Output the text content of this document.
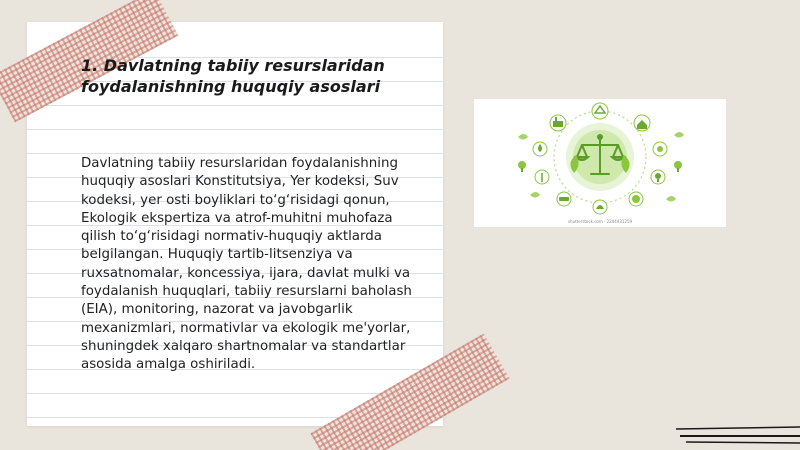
1. Davlatning tabiiy resurslaridan foydalanishning huquqiy asoslari

Davlatning tabiiy resurslaridan foydalanishning huquqiy asoslari Konstitutsiya, Yer kodeksi, Suv kodeksi, yer osti boyliklari to‘g‘risidagi qonun, Ekologik ekspertiza va atrof-muhitni muhofaza qilish to‘g‘risidagi normativ-huquqiy aktlarda belgilangan. Huquqiy tartib-litsenziya va ruxsatnomalar, koncessiya, ijara, davlat mulki va foydalanish huquqlari, tabiiy resurslarni baholash (EIA), monitoring, nazorat va javobgarlik mexanizmlari, normativlar va ekologik me'yorlar, shuningdek xalqaro shartnomalar va standartlar asosida amalga oshiriladi.

shutterstock.com · 2244431259
